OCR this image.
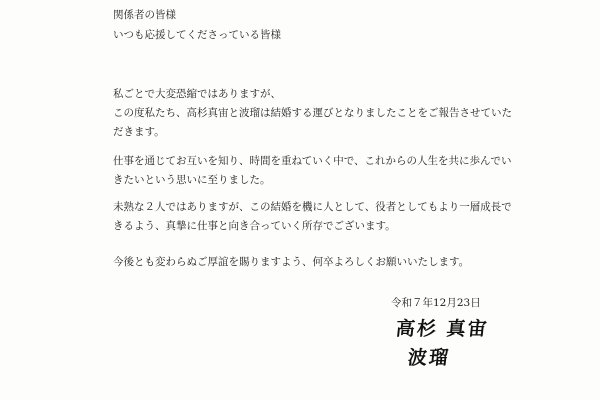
関係者の皆様
いつも応援してくださっている皆様
私ごとで大変恐縮ではありますが、
この度私たち、高杉真宙と波瑠は結婚する運びとなりましたことをご報告させていた
だきます。
仕事を通じてお互いを知り、時間を重ねていく中で、これからの人生を共に歩んでい
きたいという思いに至りました。
未熟な２人ではありますが、この結婚を機に人として、役者としてもより一層成長で
きるよう、真摯に仕事と向き合っていく所存でございます。
今後とも変わらぬご厚誼を賜りますよう、何卒よろしくお願いいたします。
令和７年12月23日
高杉 真宙
波瑠
